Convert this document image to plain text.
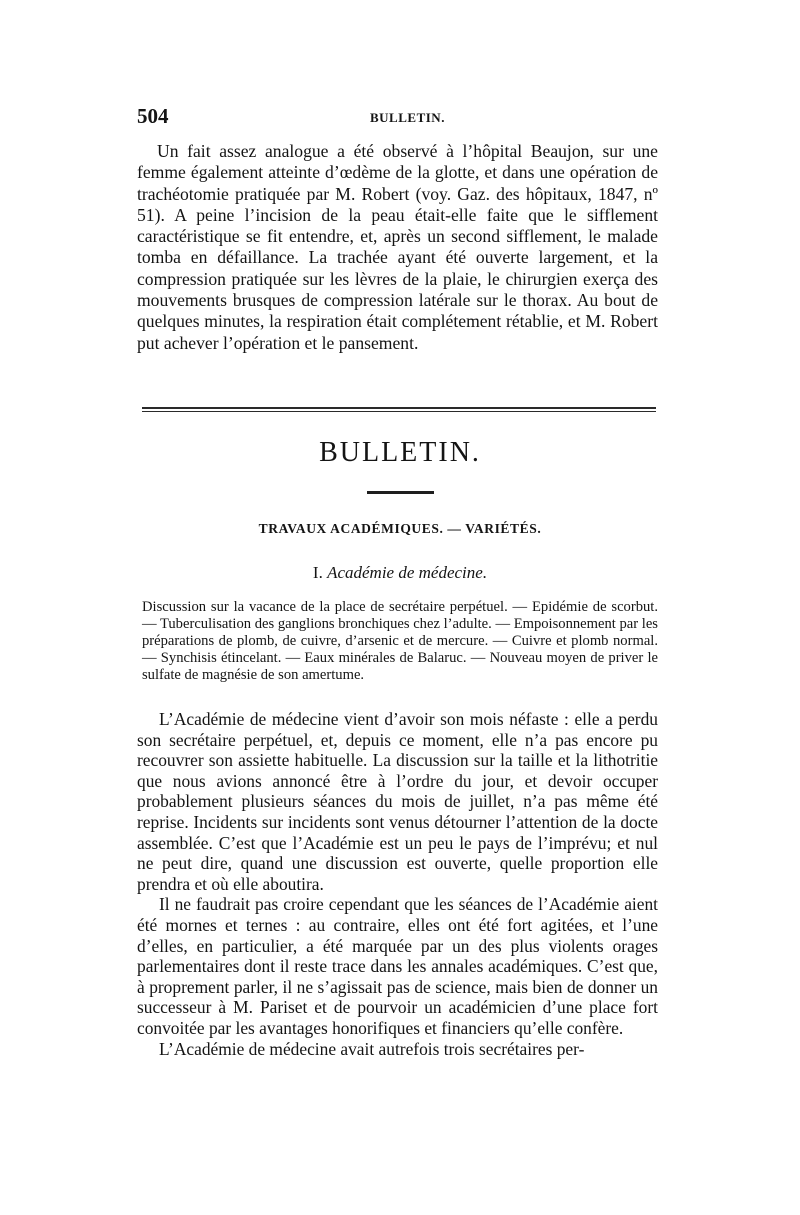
504	BULLETIN.

Un fait assez analogue a été observé à l’hôpital Beaujon, sur une femme également atteinte d’œdème de la glotte, et dans une opération de trachéotomie pratiquée par M. Robert (voy. Gaz. des hôpitaux, 1847, nº 51). A peine l’incision de la peau était-elle faite que le sifflement caractéristique se fit entendre, et, après un second sifflement, le malade tomba en défaillance. La trachée ayant été ouverte largement, et la compression pratiquée sur les lèvres de la plaie, le chirurgien exerça des mouvements brusques de compression latérale sur le thorax. Au bout de quelques minutes, la respiration était complétement rétablie, et M. Robert put achever l’opération et le pansement.

BULLETIN.
TRAVAUX ACADÉMIQUES. — VARIÉTÉS.
I. Académie de médecine.

Discussion sur la vacance de la place de secrétaire perpétuel. — Epidémie de scorbut. — Tuberculisation des ganglions bronchiques chez l’adulte. — Empoisonnement par les préparations de plomb, de cuivre, d’arsenic et de mercure. — Cuivre et plomb normal. — Synchisis étincelant. — Eaux minérales de Balaruc. — Nouveau moyen de priver le sulfate de magnésie de son amertume.

L’Académie de médecine vient d’avoir son mois néfaste : elle a perdu son secrétaire perpétuel, et, depuis ce moment, elle n’a pas encore pu recouvrer son assiette habituelle. La discussion sur la taille et la lithotritie que nous avions annoncé être à l’ordre du jour, et devoir occuper probablement plusieurs séances du mois de juillet, n’a pas même été reprise. Incidents sur incidents sont venus détourner l’attention de la docte assemblée. C’est que l’Académie est un peu le pays de l’imprévu; et nul ne peut dire, quand une discussion est ouverte, quelle proportion elle prendra et où elle aboutira.

Il ne faudrait pas croire cependant que les séances de l’Académie aient été mornes et ternes : au contraire, elles ont été fort agitées, et l’une d’elles, en particulier, a été marquée par un des plus violents orages parlementaires dont il reste trace dans les annales académiques. C’est que, à proprement parler, il ne s’agissait pas de science, mais bien de donner un successeur à M. Pariset et de pourvoir un académicien d’une place fort convoitée par les avantages honorifiques et financiers qu’elle confère.

L’Académie de médecine avait autrefois trois secrétaires per-
